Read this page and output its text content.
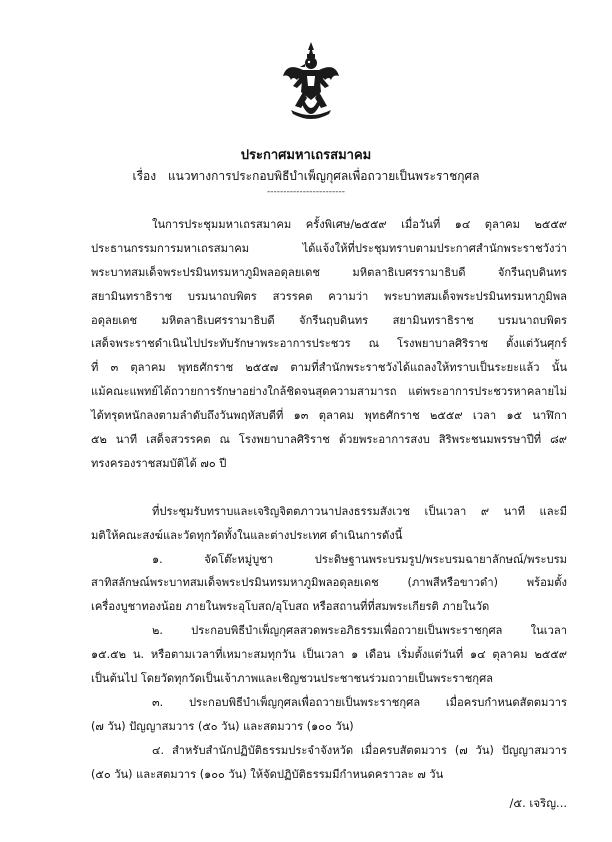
ประกาศมหาเถรสมาคม
เรื่อง แนวทางการประกอบพิธีบำเพ็ญกุศลเพื่อถวายเป็นพระราชกุศล
------------------------
ในการประชุมมหาเถรสมาคม ครั้งพิเศษ/๒๕๕๙ เมื่อวันที่ ๑๔ ตุลาคม ๒๕๕๙
ประธานกรรมการมหาเถรสมาคม ได้แจ้งให้ที่ประชุมทราบตามประกาศสำนักพระราชวังว่า
พระบาทสมเด็จพระปรมินทรมหาภูมิพลอดุลยเดช มหิตลาธิเบศรรามาธิบดี จักรีนฤบดินทร
สยามินทราธิราช บรมนาถบพิตร สวรรคต ความว่า พระบาทสมเด็จพระปรมินทรมหาภูมิพล
อดุลยเดช มหิตลาธิเบศรรามาธิบดี จักรีนฤบดินทร สยามินทราธิราช บรมนาถบพิตร
เสด็จพระราชดำเนินไปประทับรักษาพระอาการประชวร ณ โรงพยาบาลศิริราช ตั้งแต่วันศุกร์
ที่ ๓ ตุลาคม พุทธศักราช ๒๕๕๗ ตามที่สำนักพระราชวังได้แถลงให้ทราบเป็นระยะแล้ว นั้น
แม้คณะแพทย์ได้ถวายการรักษาอย่างใกล้ชิดจนสุดความสามารถ แต่พระอาการประชวรหาคลายไม่
ได้ทรุดหนักลงตามลำดับถึงวันพฤหัสบดีที่ ๑๓ ตุลาคม พุทธศักราช ๒๕๕๙ เวลา ๑๕ นาฬิกา
๕๒ นาที เสด็จสวรรคต ณ โรงพยาบาลศิริราช ด้วยพระอาการสงบ สิริพระชนมพรรษาปีที่ ๘๙
ทรงครองราชสมบัติได้ ๗๐ ปี
ที่ประชุมรับทราบและเจริญจิตตภาวนาปลงธรรมสังเวช เป็นเวลา ๙ นาที และมี
มติให้คณะสงฆ์และวัดทุกวัดทั้งในและต่างประเทศ ดำเนินการดังนี้
๑. จัดโต๊ะหมู่บูชา ประดิษฐานพระบรมรูป/พระบรมฉายาลักษณ์/พระบรม
สาทิสลักษณ์พระบาทสมเด็จพระปรมินทรมหาภูมิพลอดุลยเดช (ภาพสีหรือขาวดำ) พร้อมตั้ง
เครื่องบูชาทองน้อย ภายในพระอุโบสถ/อุโบสถ หรือสถานที่ที่สมพระเกียรติ ภายในวัด
๒. ประกอบพิธีบำเพ็ญกุศลสวดพระอภิธรรมเพื่อถวายเป็นพระราชกุศล ในเวลา
๑๕.๕๒ น. หรือตามเวลาที่เหมาะสมทุกวัน เป็นเวลา ๑ เดือน เริ่มตั้งแต่วันที่ ๑๔ ตุลาคม ๒๕๕๙
เป็นต้นไป โดยวัดทุกวัดเป็นเจ้าภาพและเชิญชวนประชาชนร่วมถวายเป็นพระราชกุศล
๓. ประกอบพิธีบำเพ็ญกุศลเพื่อถวายเป็นพระราชกุศล เมื่อครบกำหนดสัตตมวาร
(๗ วัน) ปัญญาสมวาร (๕๐ วัน) และสตมวาร (๑๐๐ วัน)
๔. สำหรับสำนักปฏิบัติธรรมประจำจังหวัด เมื่อครบสัตตมวาร (๗ วัน) ปัญญาสมวาร
(๕๐ วัน) และสตมวาร (๑๐๐ วัน) ให้จัดปฏิบัติธรรมมีกำหนดคราวละ ๗ วัน
/๕. เจริญ...
